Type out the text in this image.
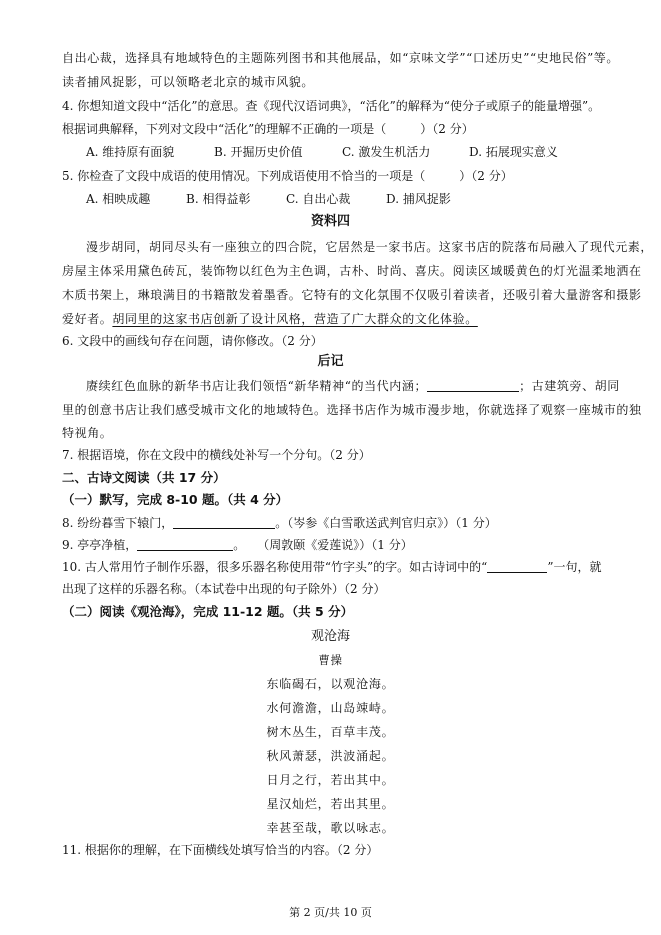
自出心裁，选择具有地域特色的主题陈列图书和其他展品，如“京味文学”“口述历史”“史地民俗”等。
读者捕风捉影，可以领略老北京的城市风貌。
4. 你想知道文段中“活化”的意思。查《现代汉语词典》，“活化”的解释为“使分子或原子的能量增强”。
根据词典解释，下列对文段中“活化”的理解不正确的一项是（	）（2 分）
A. 维持原有面貌	B. 开掘历史价值	C. 激发生机活力	D. 拓展现实意义
5. 你检查了文段中成语的使用情况。下列成语使用不恰当的一项是（	）（2 分）
A. 相映成趣	B. 相得益彰	C. 自出心裁	D. 捕风捉影
资料四
漫步胡同，胡同尽头有一座独立的四合院，它居然是一家书店。这家书店的院落布局融入了现代元素，
房屋主体采用黛色砖瓦，装饰物以红色为主色调，古朴、时尚、喜庆。阅读区域暖黄色的灯光温柔地洒在
木质书架上，琳琅满目的书籍散发着墨香。它特有的文化氛围不仅吸引着读者，还吸引着大量游客和摄影
爱好者。胡同里的这家书店创新了设计风格，营造了广大群众的文化体验。
6. 文段中的画线句存在问题，请你修改。（2 分）
后记
赓续红色血脉的新华书店让我们领悟“新华精神“的当代内涵；	；古建筑旁、胡同
里的创意书店让我们感受城市文化的地域特色。选择书店作为城市漫步地，你就选择了观察一座城市的独
特视角。
7. 根据语境，你在文段中的横线处补写一个分句。（2 分）
二、古诗文阅读（共 17 分）
（一）默写，完成 8-10 题。（共 4 分）
8. 纷纷暮雪下辕门，	。（岑参《白雪歌送武判官归京》）（1 分）
9. 亭亭净植，	。　　（周敦颐《爱莲说》）（1 分）
10. 古人常用竹子制作乐器，很多乐器名称使用带“竹字头”的字。如古诗词中的“	”一句，就
出现了这样的乐器名称。（本试卷中出现的句子除外）（2 分）
（二）阅读《观沧海》，完成 11-12 题。（共 5 分）
观沧海
曹操
东临碣石，以观沧海。
水何澹澹，山岛竦峙。
树木丛生，百草丰茂。
秋风萧瑟，洪波涌起。
日月之行，若出其中。
星汉灿烂，若出其里。
幸甚至哉，歌以咏志。
11. 根据你的理解，在下面横线处填写恰当的内容。（2 分）
第 2 页/共 10 页
